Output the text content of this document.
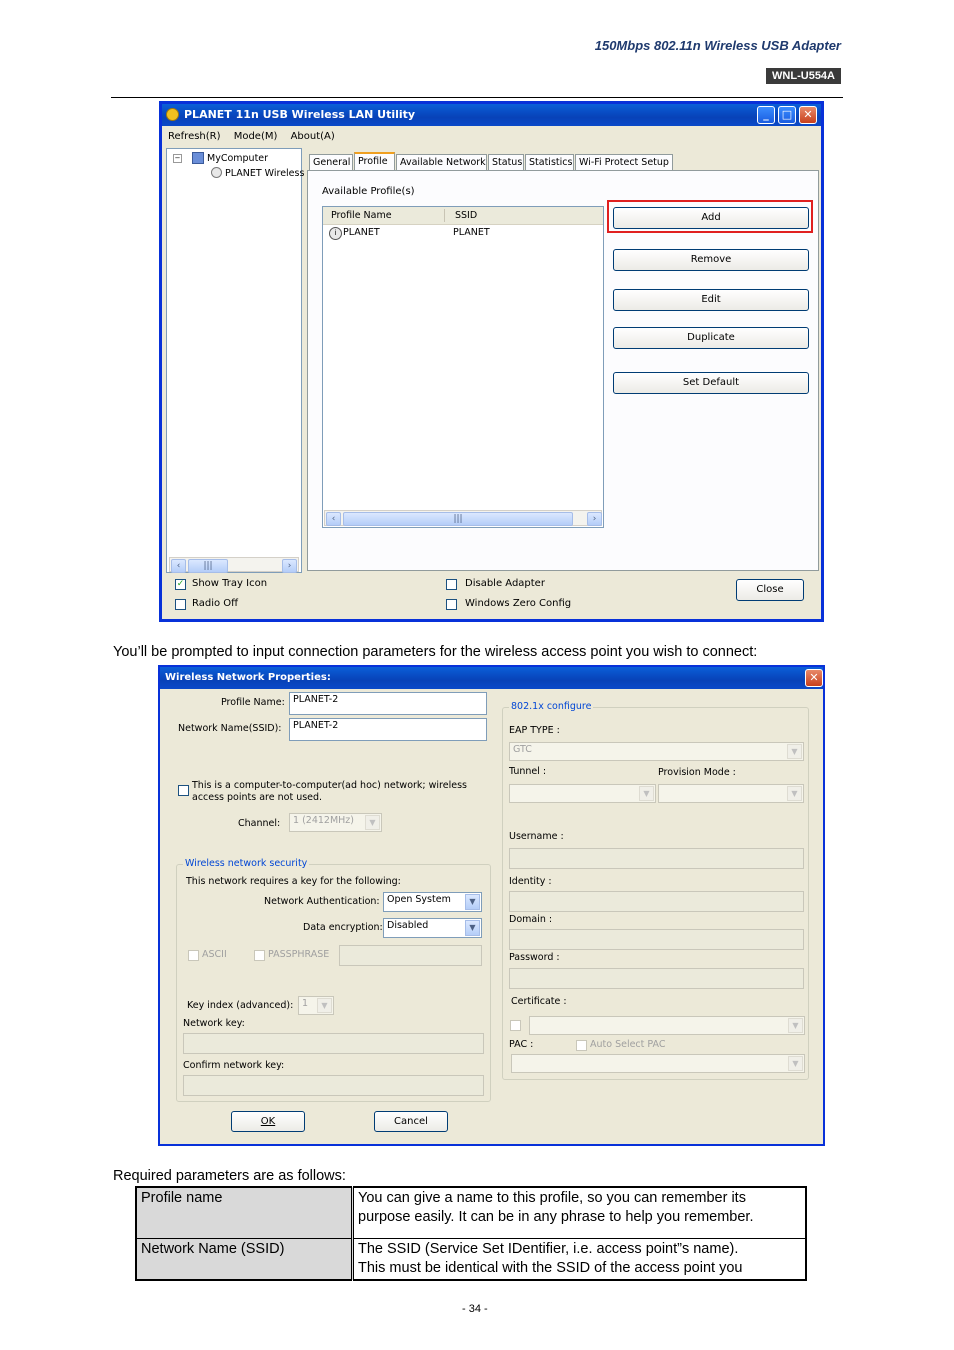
150Mbps 802.11n Wireless USB Adapter
WNL-U554A
PLANET 11n USB Wireless LAN Utility	_	□	✕
Refresh(R) Mode(M) About(A)
−	MyComputer
PLANET Wireless
‹	|||	›
General Profile	Available Network Status Statistics Wi-Fi Protect Setup
Available Profile(s)
Profile Name	SSID
i PLANET	PLANET
‹	|||	›
Add
Remove
Edit
Duplicate
Set Default
✓ Show Tray Icon
Radio Off
Disable Adapter
Windows Zero Config
Close
You’ll be prompted to input connection parameters for the wireless access point you wish to connect:
Wireless Network Properties:	✕
Profile Name: PLANET-2
Network Name(SSID):	PLANET-2
This is a computer-to-computer(ad hoc) network; wireless
access points are not used.
Channel:	1 (2412MHz)	▼
Wireless network security
This network requires a key for the following:
Network Authentication: Open System	▼
Data encryption: Disabled	▼
ASCII	PASSPHRASE
Key index (advanced): 1	▼
Network key:
Confirm network key:
OK	Cancel
802.1x configure
EAP TYPE :
GTC	▼
Tunnel :	Provision Mode :
▼	▼
Username :
Identity :
Domain :
Password :
Certificate :
▼
PAC :	Auto Select PAC
▼
Required parameters are as follows:
Profile name	You can give a name to this profile, so you can remember its
purpose easily. It can be in any phrase to help you remember.

Network Name (SSID)	The SSID (Service Set IDentifier, i.e. access point”s name).
This must be identical with the SSID of the access point you
- 34 -
